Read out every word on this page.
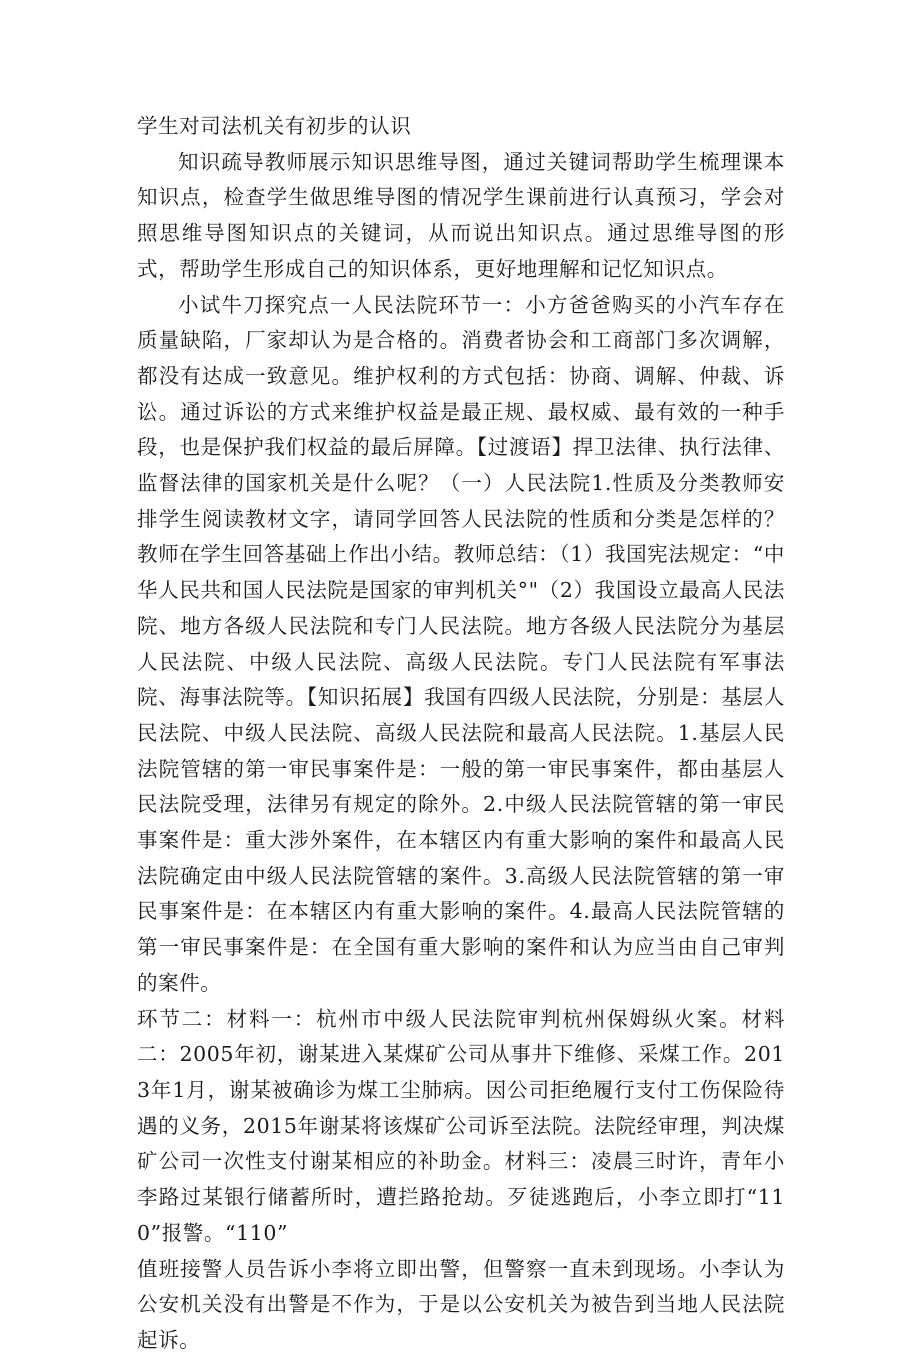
学生对司法机关有初步的认识

知识疏导教师展示知识思维导图，通过关键词帮助学生梳理课本知识点，检查学生做思维导图的情况学生课前进行认真预习，学会对照思维导图知识点的关键词，从而说出知识点。通过思维导图的形式，帮助学生形成自己的知识体系，更好地理解和记忆知识点。

小试牛刀探究点一人民法院环节一：小方爸爸购买的小汽车存在质量缺陷，厂家却认为是合格的。消费者协会和工商部门多次调解，都没有达成一致意见。维护权利的方式包括：协商、调解、仲裁、诉讼。通过诉讼的方式来维护权益是最正规、最权威、最有效的一种手段，也是保护我们权益的最后屏障。【过渡语】捍卫法律、执行法律、监督法律的国家机关是什么呢？（一）人民法院1.性质及分类教师安排学生阅读教材文字，请同学回答人民法院的性质和分类是怎样的？教师在学生回答基础上作出小结。教师总结：（1）我国宪法规定：“中华人民共和国人民法院是国家的审判机关°"（2）我国设立最高人民法院、地方各级人民法院和专门人民法院。地方各级人民法院分为基层人民法院、中级人民法院、高级人民法院。专门人民法院有军事法院、海事法院等。【知识拓展】我国有四级人民法院，分别是：基层人民法院、中级人民法院、高级人民法院和最高人民法院。1.基层人民法院管辖的第一审民事案件是：一般的第一审民事案件，都由基层人民法院受理，法律另有规定的除外。2.中级人民法院管辖的第一审民事案件是：重大涉外案件，在本辖区内有重大影响的案件和最高人民法院确定由中级人民法院管辖的案件。3.高级人民法院管辖的第一审民事案件是：在本辖区内有重大影响的案件。4.最高人民法院管辖的第一审民事案件是：在全国有重大影响的案件和认为应当由自己审判的案件。

环节二：材料一：杭州市中级人民法院审判杭州保姆纵火案。材料二：2005年初，谢某进入某煤矿公司从事井下维修、采煤工作。2013年1月，谢某被确诊为煤工尘肺病。因公司拒绝履行支付工伤保险待遇的义务，2015年谢某将该煤矿公司诉至法院。法院经审理，判决煤矿公司一次性支付谢某相应的补助金。材料三：凌晨三时许，青年小李路过某银行储蓄所时，遭拦路抢劫。歹徒逃跑后，小李立即打“110”报警。“110”

值班接警人员告诉小李将立即出警，但警察一直未到现场。小李认为公安机关没有出警是不作为，于是以公安机关为被告到当地人民法院起诉。
